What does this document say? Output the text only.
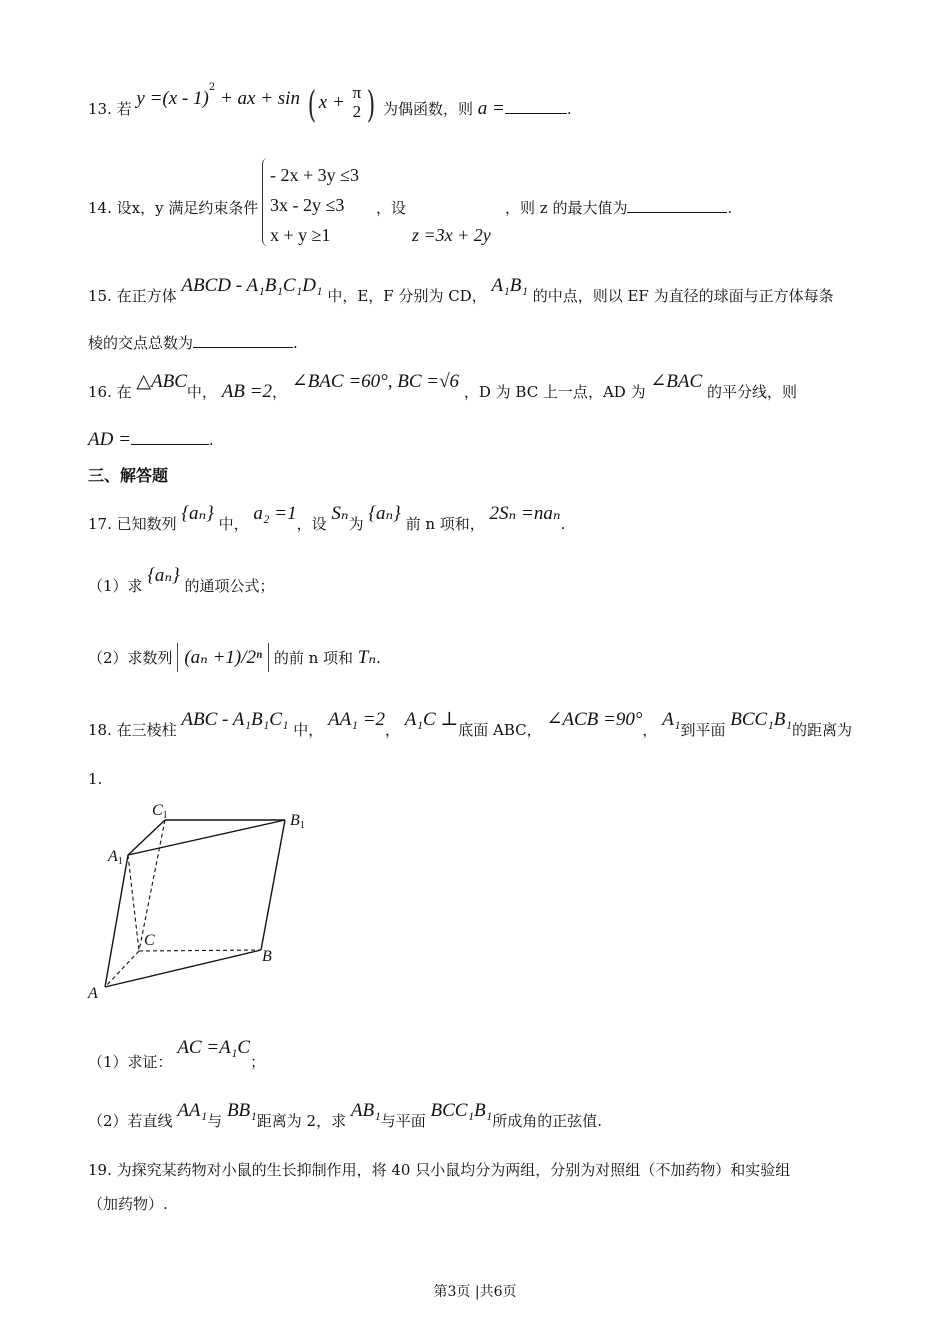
13. 若 y =(x - 1)$^2$ + ax + sin ( x + π
2 ) 为偶函数，则 a =	.
14. 设x，y 满足约束条件
- 2x + 3y ≤3
3x - 2y ≤3
x + y ≥1
，设
z =3x + 2y
，则 z 的最大值为	.
15. 在正方体 ABCD - A₁B₁C₁D₁ 中，E，F 分别为 CD， A₁B₁ 的中点，则以 EF 为直径的球面与正方体每条
棱的交点总数为	.
16. 在 △ABC中， AB =2， ∠BAC =60°, BC =√6 ，D 为 BC 上一点，AD 为 ∠BAC 的平分线，则
AD =	.
三、解答题
17. 已知数列 {aₙ} 中， a₂ =1，设 Sₙ为 {aₙ} 前 n 项和， 2Sₙ =naₙ.
（1）求 {aₙ} 的通项公式；
（2）求数列 (aₙ +1)/2ⁿ 的前 n 项和 Tₙ.
18. 在三棱柱 ABC - A₁B₁C₁ 中， AA₁ =2， A₁C ⊥底面 ABC， ∠ACB =90°， A₁到平面 BCC₁B₁的距离为
1.
C1	B1
A1
C
B
A
（1）求证： AC =A₁C；
（2）若直线 AA₁与 BB₁距离为 2，求 AB₁与平面 BCC₁B₁所成角的正弦值.
19. 为探究某药物对小鼠的生长抑制作用，将 40 只小鼠均分为两组，分别为对照组（不加药物）和实验组
（加药物）.
第3页 |共6页
